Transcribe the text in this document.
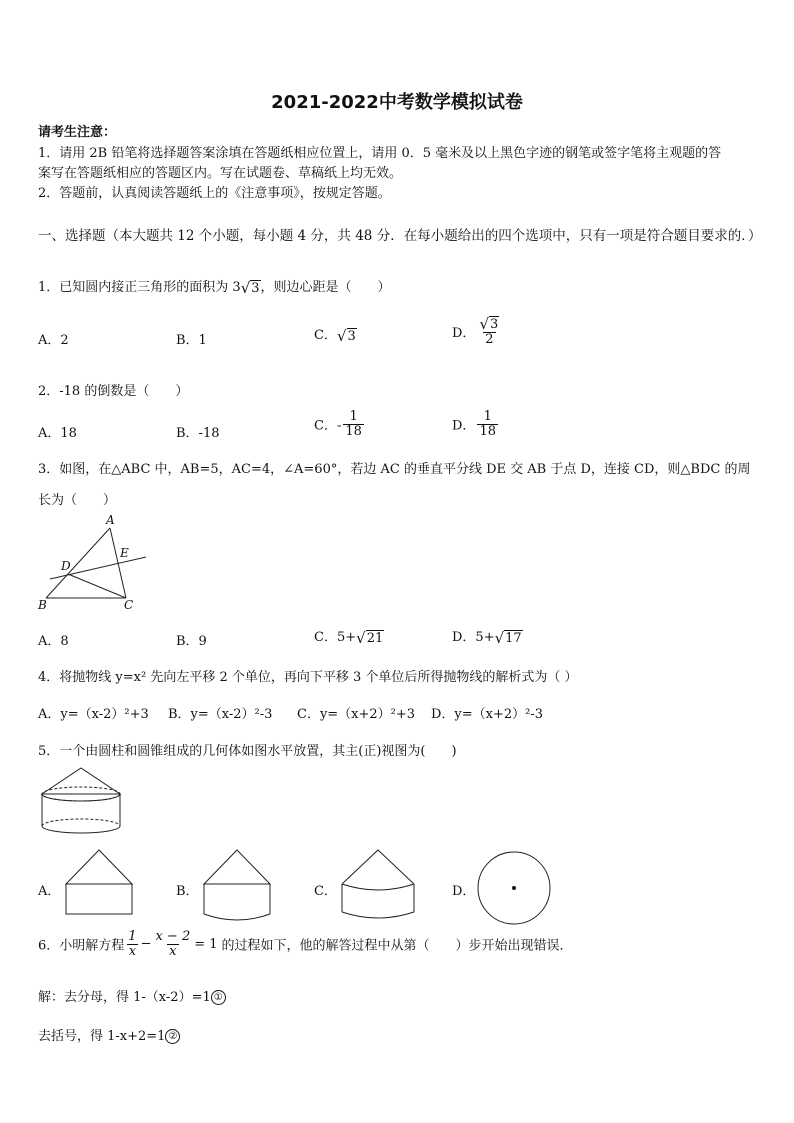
2021-2022中考数学模拟试卷
请考生注意：
1．请用 2B 铅笔将选择题答案涂填在答题纸相应位置上，请用 0．5 毫米及以上黑色字迹的钢笔或签字笔将主观题的答
案写在答题纸相应的答题区内。写在试题卷、草稿纸上均无效。
2．答题前，认真阅读答题纸上的《注意事项》，按规定答题。
一、选择题（本大题共 12 个小题，每小题 4 分，共 48 分．在每小题给出的四个选项中，只有一项是符合题目要求的．）
1．已知圆内接正三角形的面积为 3 √ 3 ，则边心距是（　　）
A．2	B．1	C． √ 3	D． $\frac{√ 3}{2}$
2．-18 的倒数是（　　）
A．18	B．-18	C．- $\frac{1}{18}$	D． $\frac{1}{18}$
3．如图，在△ABC 中，AB=5，AC=4，∠A=60°，若边 AC 的垂直平分线 DE 交 AB 于点 D，连接 CD，则△BDC 的周
长为（　　）
A
B	C
D
E
A．8	B．9	C．5+ √ 21	D．5+ √ 17
4．将抛物线 y=x² 先向左平移 2 个单位，再向下平移 3 个单位后所得抛物线的解析式为（ ）
A．y=（x-2）²+3 B．y=（x-2）²-3 C．y=（x+2）²+3 D．y=（x+2）²-3
5．一个由圆柱和圆锥组成的几何体如图水平放置，其主(正)视图为(　　)
A．	B．	C．	D．
6．小明解方程 $\frac{1}{x} - \frac{x - 2}{x} = 1$ 的过程如下，他的解答过程中从第（　　）步开始出现错误．
解：去分母，得 1-（x-2）=1 ①
去括号，得 1-x+2=1 ②
